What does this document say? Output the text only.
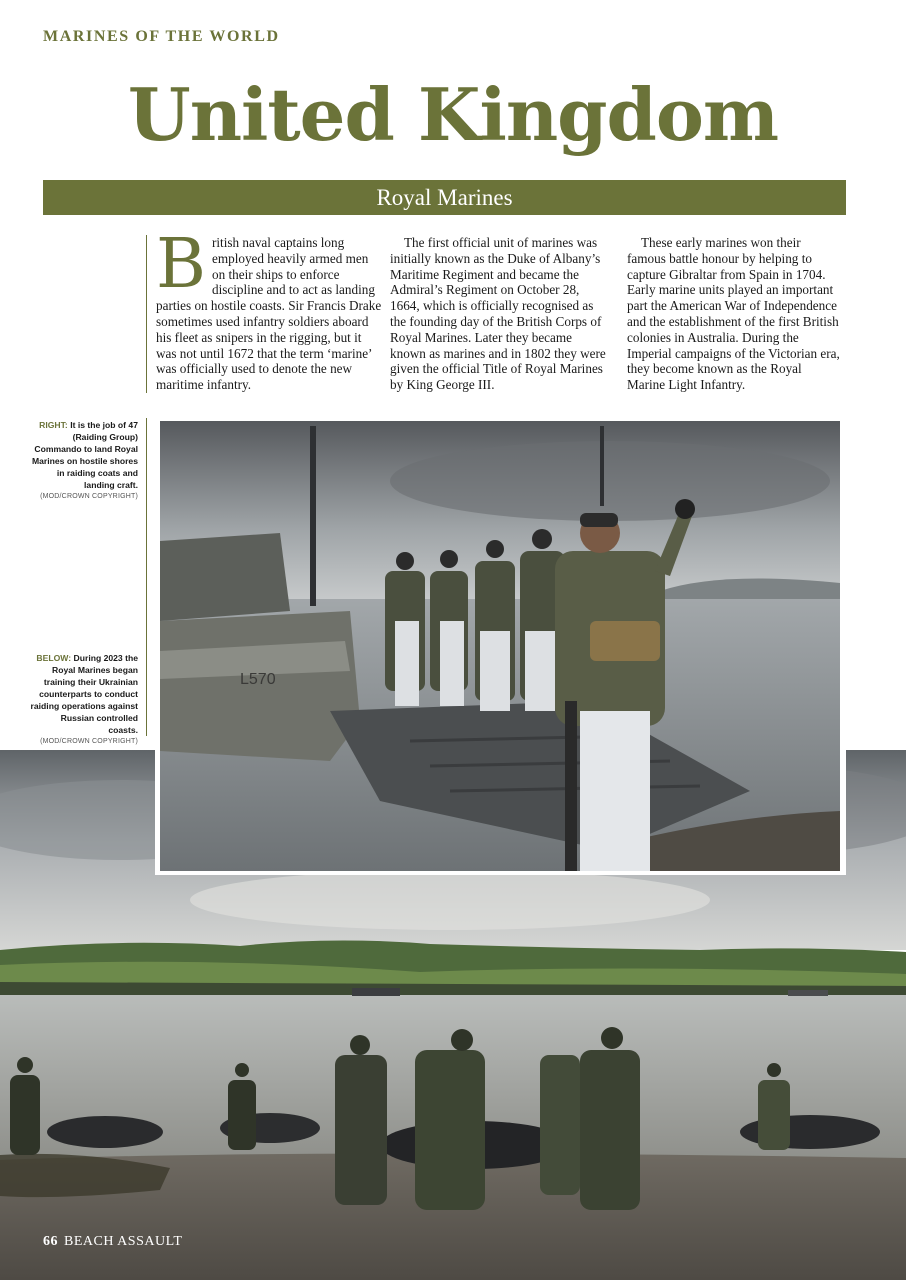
MARINES OF THE WORLD
United Kingdom
Royal Marines
B ritish naval captains long employed heavily armed men on their ships to enforce discipline and to act as landing parties on hostile coasts. Sir Francis Drake sometimes used infantry soldiers aboard his fleet as snipers in the rigging, but it was not until 1672 that the term ‘marine’ was officially used to denote the new maritime infantry.

The first official unit of marines was initially known as the Duke of Albany’s Maritime Regiment and became the Admiral’s Regiment on October 28, 1664, which is officially recognised as the founding day of the British Corps of Royal Marines. Later they became known as marines and in 1802 they were given the official Title of Royal Marines by King George III.

These early marines won their famous battle honour by helping to capture Gibraltar from Spain in 1704. Early marine units played an important part the American War of Independence and the establishment of the first British colonies in Australia. During the Imperial campaigns of the Victorian era, they become known as the Royal Marine Light Infantry.

L570
RIGHT: It is the job of 47 (Raiding Group) Commando to land Royal Marines on hostile shores in raiding coats and landing craft.
(MOD/CROWN COPYRIGHT)
BELOW: During 2023 the Royal Marines began training their Ukrainian counterparts to conduct raiding operations against Russian controlled coasts.
(MOD/CROWN COPYRIGHT)
66 BEACH ASSAULT
